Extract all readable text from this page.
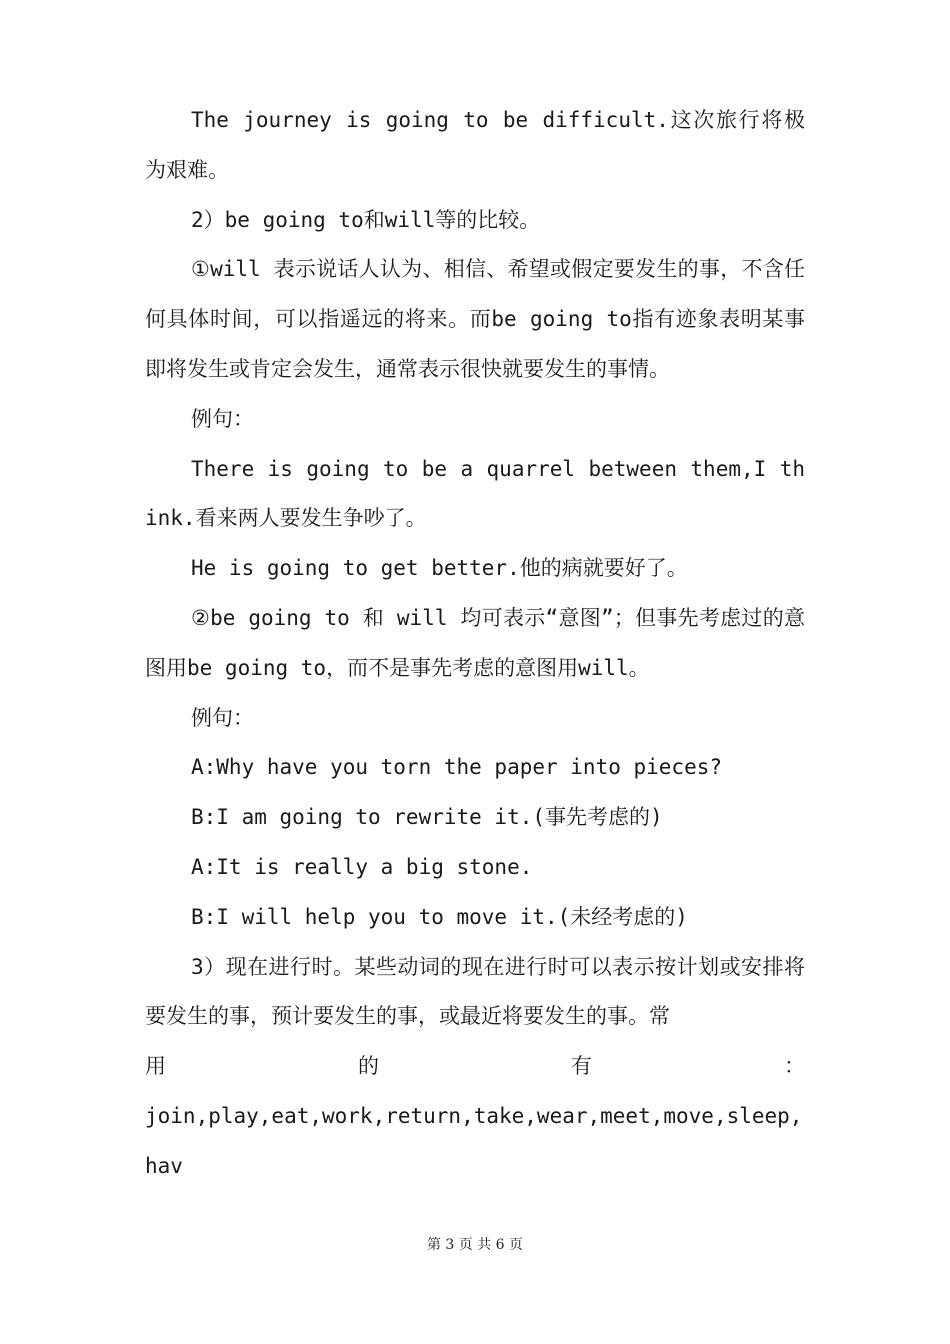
The journey is going to be difficult.这次旅行将极为艰难。

2）be going to和will等的比较。

①will 表示说话人认为、相信、希望或假定要发生的事，不含任何具体时间，可以指遥远的将来。而be going to指有迹象表明某事即将发生或肯定会发生，通常表示很快就要发生的事情。

例句：

There is going to be a quarrel between them,I think.看来两人要发生争吵了。

He is going to get better.他的病就要好了。

②be going to 和 will 均可表示“意图”；但事先考虑过的意图用be going to，而不是事先考虑的意图用will。

例句：

A:Why have you torn the paper into pieces?

B:I am going to rewrite it.(事先考虑的)

A:It is really a big stone.

B:I will help you to move it.(未经考虑的)

3）现在进行时。某些动词的现在进行时可以表示按计划或安排将要发生的事，预计要发生的事，或最近将要发生的事。常

用	的	有	：

join,play,eat,work,return,take,wear,meet,move,sleep,hav

第 3 页 共 6 页
